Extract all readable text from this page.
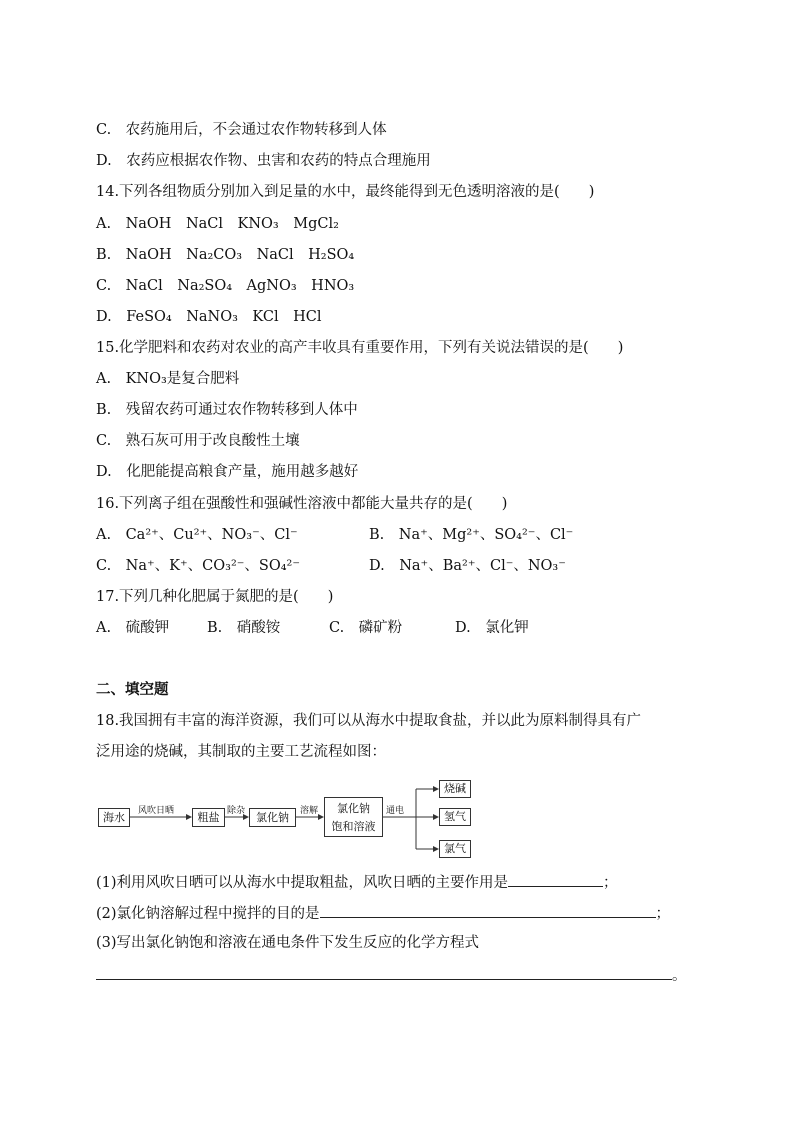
C.　农药施用后，不会通过农作物转移到人体
D.　农药应根据农作物、虫害和农药的特点合理施用
14.下列各组物质分别加入到足量的水中，最终能得到无色透明溶液的是(　　)
A.　NaOH　NaCl　KNO₃　MgCl₂
B.　NaOH　Na₂CO₃　NaCl　H₂SO₄
C.　NaCl　Na₂SO₄　AgNO₃　HNO₃
D.　FeSO₄　NaNO₃　KCl　HCl
15.化学肥料和农药对农业的高产丰收具有重要作用，下列有关说法错误的是(　　)
A.　KNO₃是复合肥料
B.　残留农药可通过农作物转移到人体中
C.　熟石灰可用于改良酸性土壤
D.　化肥能提高粮食产量，施用越多越好
16.下列离子组在强酸性和强碱性溶液中都能大量共存的是(　　)
A.　Ca²⁺、Cu²⁺、NO₃⁻、Cl⁻	B.　Na⁺、Mg²⁺、SO₄²⁻、Cl⁻
C.　Na⁺、K⁺、CO₃²⁻、SO₄²⁻	D.　Na⁺、Ba²⁺、Cl⁻、NO₃⁻
17.下列几种化肥属于氮肥的是(　　)
A.　硫酸钾	B.　硝酸铵	C.　磷矿粉	D.　氯化钾
二、填空题
18.我国拥有丰富的海洋资源，我们可以从海水中提取食盐，并以此为原料制得具有广
泛用途的烧碱，其制取的主要工艺流程如图：
海水	风吹日晒	粗盐 除杂 氯化钠	溶解	氯化钠
饱和溶液
通电
烧碱
氢气
氯气
(1)利用风吹日晒可以从海水中提取粗盐，风吹日晒的主要作用是	；
(2)氯化钠溶解过程中搅拌的目的是	；
(3)写出氯化钠饱和溶液在通电条件下发生反应的化学方程式
。
